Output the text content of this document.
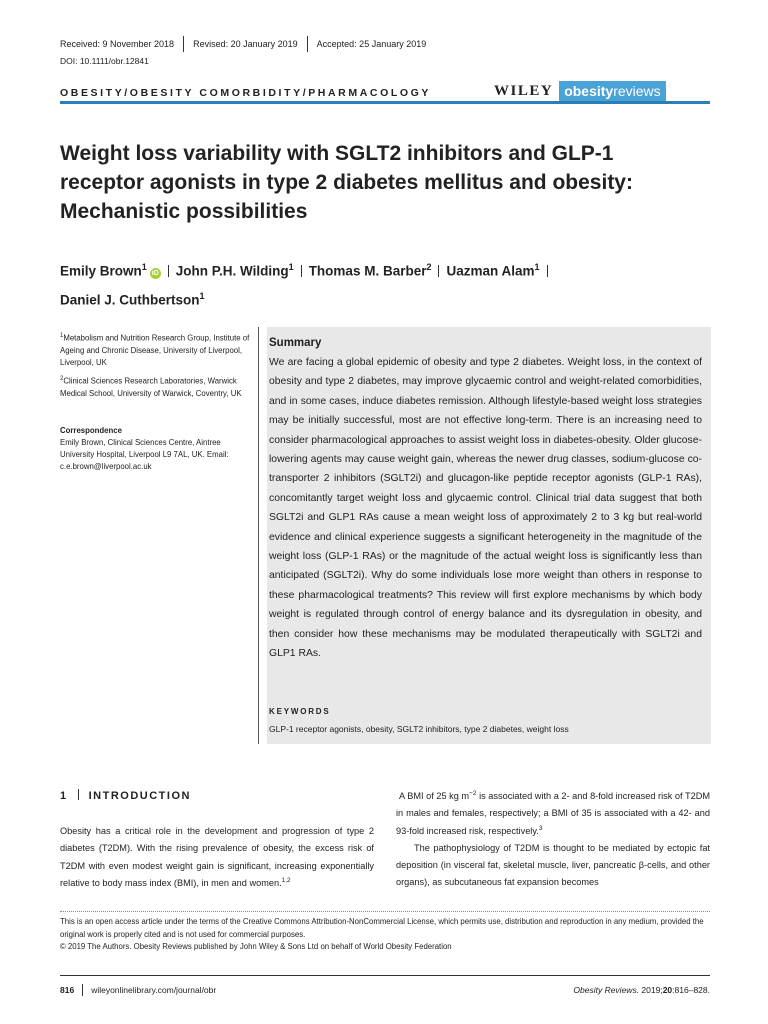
Received: 9 November 2018 Revised: 20 January 2019 Accepted: 25 January 2019
DOI: 10.1111/obr.12841
OBESITY/OBESITY COMORBIDITY/PHARMACOLOGY	WILEY obesityreviews
Weight loss variability with SGLT2 inhibitors and GLP-1 receptor agonists in type 2 diabetes mellitus and obesity: Mechanistic possibilities
Emily Brown$^1$iD John P.H. Wilding$^1$ Thomas M. Barber$^2$ Uazman Alam$^1$
Daniel J. Cuthbertson$^1$
$^1$Metabolism and Nutrition Research Group, Institute of Ageing and Chronic Disease, University of Liverpool, Liverpool, UK
$^2$Clinical Sciences Research Laboratories, Warwick Medical School, University of Warwick, Coventry, UK
Correspondence
Emily Brown, Clinical Sciences Centre, Aintree University Hospital, Liverpool L9 7AL, UK. Email: c.e.brown@liverpool.ac.uk
Summary
We are facing a global epidemic of obesity and type 2 diabetes. Weight loss, in the context of obesity and type 2 diabetes, may improve glycaemic control and weight-related comorbidities, and in some cases, induce diabetes remission. Although lifestyle-based weight loss strategies may be initially successful, most are not effective long-term. There is an increasing need to consider pharmacological approaches to assist weight loss in diabetes-obesity. Older glucose-lowering agents may cause weight gain, whereas the newer drug classes, sodium-glucose co-transporter 2 inhibitors (SGLT2i) and glucagon-like peptide receptor agonists (GLP-1 RAs), concomitantly target weight loss and glycaemic control. Clinical trial data suggest that both SGLT2i and GLP1 RAs cause a mean weight loss of approximately 2 to 3 kg but real-world evidence and clinical experience suggests a significant heterogeneity in the magnitude of the weight loss (GLP-1 RAs) or the magnitude of the actual weight loss is significantly less than anticipated (SGLT2i). Why do some individuals lose more weight than others in response to these pharmacological treatments? This review will first explore mechanisms by which body weight is regulated through control of energy balance and its dysregulation in obesity, and then consider how these mechanisms may be modulated therapeutically with SGLT2i and GLP1 RAs.
KEYWORDS
GLP-1 receptor agonists, obesity, SGLT2 inhibitors, type 2 diabetes, weight loss
1 INTRODUCTION
Obesity has a critical role in the development and progression of type 2 diabetes (T2DM). With the rising prevalence of obesity, the excess risk of T2DM with even modest weight gain is significant, increasing exponentially relative to body mass index (BMI), in men and women.$^{1,2}$
A BMI of 25 kg $m^{-2}$ is associated with a 2- and 8-fold increased risk of T2DM in males and females, respectively; a BMI of 35 is associated with a 42- and 93-fold increased risk, respectively.$^3$
The pathophysiology of T2DM is thought to be mediated by ectopic fat deposition (in visceral fat, skeletal muscle, liver, pancreatic β-cells, and other organs), as subcutaneous fat expansion becomes
This is an open access article under the terms of the Creative Commons Attribution-NonCommercial License, which permits use, distribution and reproduction in any medium, provided the original work is properly cited and is not used for commercial purposes.
© 2019 The Authors. Obesity Reviews published by John Wiley & Sons Ltd on behalf of World Obesity Federation
816 wileyonlinelibrary.com/journal/obr	Obesity Reviews. 2019;20:816–828.
